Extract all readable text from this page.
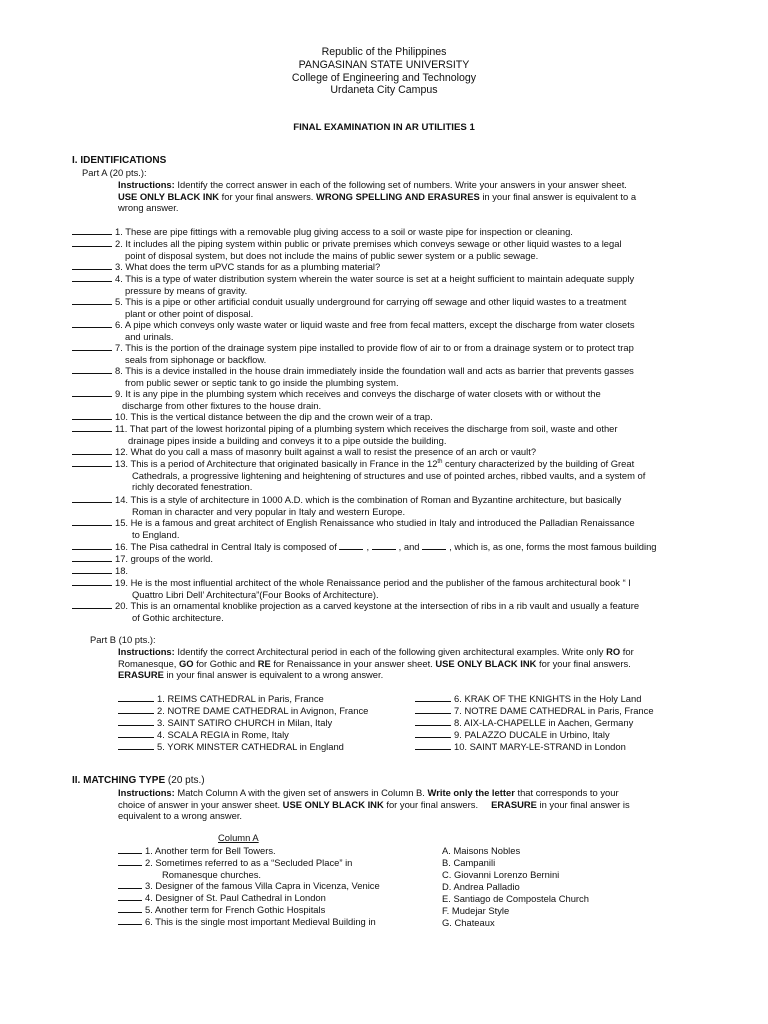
Republic of the Philippines
PANGASINAN STATE UNIVERSITY
College of Engineering and Technology
Urdaneta City Campus
FINAL EXAMINATION IN AR UTILITIES 1
I. IDENTIFICATIONS
Part A (20 pts.):
Instructions: Identify the correct answer in each of the following set of numbers. Write your answers in your answer sheet.
USE ONLY BLACK INK for your final answers. WRONG SPELLING AND ERASURES in your final answer is equivalent to a
wrong answer.
1. These are pipe fittings with a removable plug giving access to a soil or waste pipe for inspection or cleaning.
2. It includes all the piping system within public or private premises which conveys sewage or other liquid wastes to a legal
point of disposal system, but does not include the mains of public sewer system or a public sewage.
3. What does the term uPVC stands for as a plumbing material?
4. This is a type of water distribution system wherein the water source is set at a height sufficient to maintain adequate supply
pressure by means of gravity.
5. This is a pipe or other artificial conduit usually underground for carrying off sewage and other liquid wastes to a treatment
plant or other point of disposal.
6. A pipe which conveys only waste water or liquid waste and free from fecal matters, except the discharge from water closets
and urinals.
7. This is the portion of the drainage system pipe installed to provide flow of air to or from a drainage system or to protect trap
seals from siphonage or backflow.
8. This is a device installed in the house drain immediately inside the foundation wall and acts as barrier that prevents gasses
from public sewer or septic tank to go inside the plumbing system.
9. It is any pipe in the plumbing system which receives and conveys the discharge of water closets with or without the
discharge from other fixtures to the house drain.
10. This is the vertical distance between the dip and the crown weir of a trap.
11. That part of the lowest horizontal piping of a plumbing system which receives the discharge from soil, waste and other
drainage pipes inside a building and conveys it to a pipe outside the building.
12. What do you call a mass of masonry built against a wall to resist the presence of an arch or vault?
13. This is a period of Architecture that originated basically in France in the 12th century characterized by the building of Great
Cathedrals, a progressive lightening and heightening of structures and use of pointed arches, ribbed vaults, and a system of
richly decorated fenestration.
14. This is a style of architecture in 1000 A.D. which is the combination of Roman and Byzantine architecture, but basically
Roman in character and very popular in Italy and western Europe.
15. He is a famous and great architect of English Renaissance who studied in Italy and introduced the Palladian Renaissance
to England.
16. The Pisa cathedral in Central Italy is composed of	,	, and	, which is, as one, forms the most famous building
17. groups of the world.
18.
19. He is the most influential architect of the whole Renaissance period and the publisher of the famous architectural book “ I
Quattro Libri Dell’ Architectura”(Four Books of Architecture).
20. This is an ornamental knoblike projection as a carved keystone at the intersection of ribs in a rib vault and usually a feature
of Gothic architecture.
Part B (10 pts.):
Instructions: Identify the correct Architectural period in each of the following given architectural examples. Write only RO for
Romanesque, GO for Gothic and RE for Renaissance in your answer sheet. USE ONLY BLACK INK for your final answers.
ERASURE in your final answer is equivalent to a wrong answer.
1. REIMS CATHEDRAL in Paris, France
2. NOTRE DAME CATHEDRAL in Avignon, France
3. SAINT SATIRO CHURCH in Milan, Italy
4. SCALA REGIA in Rome, Italy
5. YORK MINSTER CATHEDRAL in England
6. KRAK OF THE KNIGHTS in the Holy Land
7. NOTRE DAME CATHEDRAL in Paris, France
8. AIX-LA-CHAPELLE in Aachen, Germany
9. PALAZZO DUCALE in Urbino, Italy
10. SAINT MARY-LE-STRAND in London
II. MATCHING TYPE (20 pts.)
Instructions: Match Column A with the given set of answers in Column B. Write only the letter that corresponds to your
choice of answer in your answer sheet. USE ONLY BLACK INK for your final answers.     ERASURE in your final answer is
equivalent to a wrong answer.
Column A
1. Another term for Bell Towers.
2. Sometimes referred to as a “Secluded Place” in
Romanesque churches.
3. Designer of the famous Villa Capra in Vicenza, Venice
4. Designer of St. Paul Cathedral in London
5. Another term for French Gothic Hospitals
6. This is the single most important Medieval Building in
A. Maisons Nobles
B. Campanili
C. Giovanni Lorenzo Bernini
D. Andrea Palladio
E. Santiago de Compostela Church
F. Mudejar Style
G. Chateaux
